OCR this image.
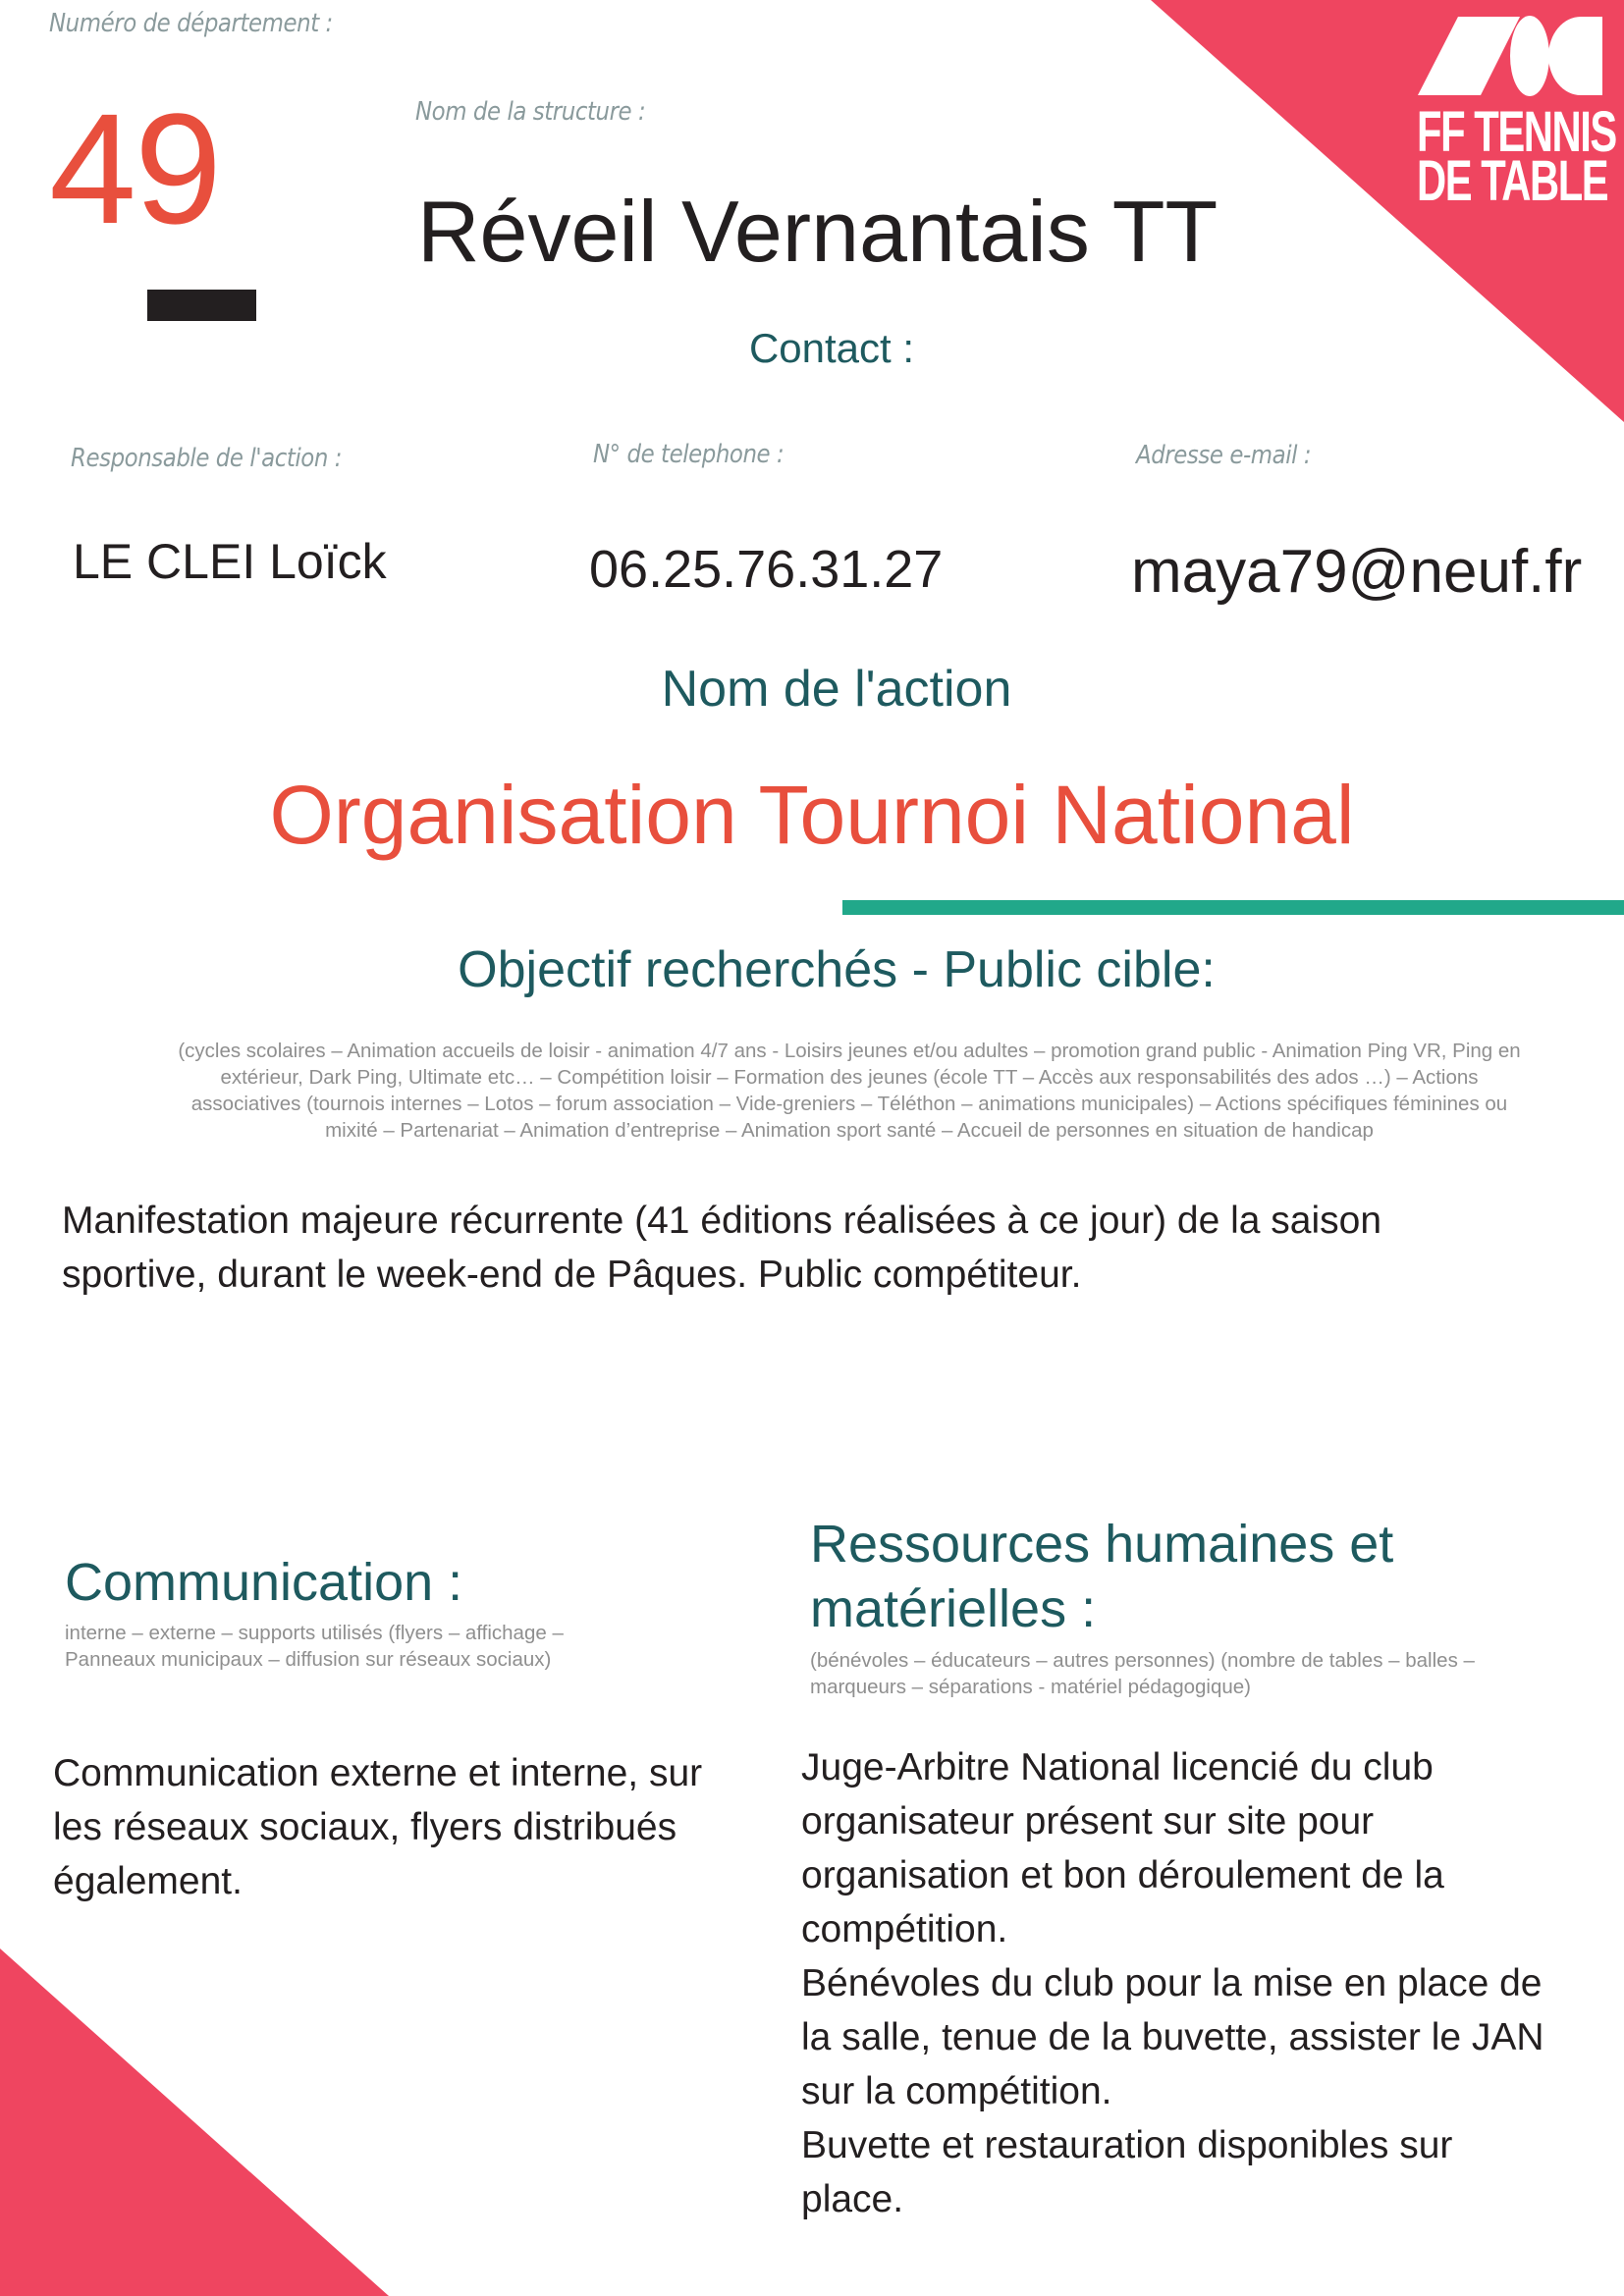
FF TENNIS
DE TABLE
Numéro de département :
49	Nom de la structure :
Réveil Vernantais TT
Contact :
Responsable de l'action :	N° de telephone :	Adresse e-mail :
LE CLEI Loïck	06.25.76.31.27	maya79@neuf.fr
Nom de l'action
Organisation Tournoi National
Objectif recherchés - Public cible:
(cycles scolaires – Animation accueils de loisir - animation 4/7 ans - Loisirs jeunes et/ou adultes – promotion grand public - Animation Ping VR, Ping en extérieur, Dark Ping, Ultimate etc… – Compétition loisir – Formation des jeunes (école TT – Accès aux responsabilités des ados …) – Actions associatives (tournois internes – Lotos – forum association – Vide-greniers – Téléthon – animations municipales) – Actions spécifiques féminines ou mixité – Partenariat – Animation d’entreprise – Animation sport santé – Accueil de personnes en situation de handicap
Manifestation majeure récurrente (41 éditions réalisées à ce jour) de la saison sportive, durant le week-end de Pâques. Public compétiteur.
Communication :
interne – externe – supports utilisés (flyers – affichage – Panneaux municipaux – diffusion sur réseaux sociaux)
Communication externe et interne, sur les réseaux sociaux, flyers distribués également.
Ressources humaines et matérielles :
(bénévoles – éducateurs – autres personnes) (nombre de tables – balles – marqueurs – séparations - matériel pédagogique)
Juge-Arbitre National licencié du club organisateur présent sur site pour organisation et bon déroulement de la compétition.
Bénévoles du club pour la mise en place de la salle, tenue de la buvette, assister le JAN sur la compétition.
Buvette et restauration disponibles sur place.
